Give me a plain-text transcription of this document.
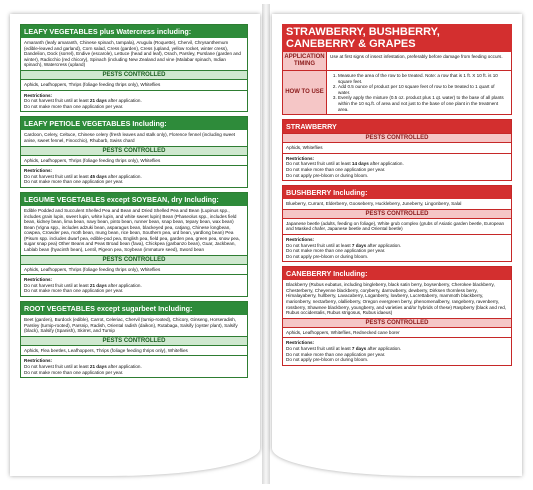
LEAFY VEGETABLES plus Watercress including:
Amaranth (leafy amaranth, Chinese spinach, tampala), Arugula (Roquette), Chervil, Chrysanthemum (edible-leaved and garland), Corn salad, Cress (garden), Cress (upland, yellow rocket, winter cress), Dandelion, Dock (sorrel), Endive (escarole), Lettuce (head and leaf), Orach, Parsley, Purslane (garden and winter), Radicchio (red chicory), Spinach (including New Zealand and vine (Malabar spinach, Indian spinach), Watercress (upland)
PESTS CONTROLLED
Aphids, Leafhoppers, Thrips (foliage feeding thrips only), Whiteflies
Restrictions:
Do not harvest fruit until at least 21 days after application.
Do not make more than one application per year.
LEAFY PETIOLE VEGETABLES Including:
Cardoon, Celery, Celtuce, Chinese celery (fresh leaves and stalk only), Florence fennel (including sweet anise, sweet fennel, Finocchio), Rhubarb, Swiss chard
PESTS CONTROLLED
Aphids, Leafhoppers, Thrips (foliage feeding thrips only), Whiteflies
Restrictions:
Do not harvest fruit until at least 45 days after application.
Do not make more than one application per year.
LEGUME VEGETABLES except SOYBEAN, dry Including:
Edible Podded and Succulent Shelled Pea and Bean and Dried Shelled Pea and Bean (Lupinus spp., includes grain lupin, sweet lupin, white lupin, and white sweet lupin) Bean (Phaseolus spp., includes field bean, kidney bean, lima bean, navy bean, pinto bean, runner bean, snap bean, tepary bean, wax bean) Bean (Vigna spp., includes adzuki bean, asparagus bean, blackeyed pea, catjang, Chinese longbean, cowpea, Crowder pea, moth bean, mung bean, rice bean, Southern pea, urd bean, yardlong bean) Pea (Pisum spp. includes dwarf pea, edible-pod pea, English pea, field pea, garden pea, green pea, snow pea, sugar snap pea) Other Beans and Peas Broad bean (fava), Chickpea (garbanzo bean), Guar, Jackbean, Lablab bean (hyacinth bean), Lentil, Pigeon pea, Soybean (immature seed), Sword bean
PESTS CONTROLLED
Aphids, Leafhoppers, Thrips (foliage feeding thrips only), Whiteflies
Restrictions:
Do not harvest fruit until at least 21 days after application.
Do not make more than one application per year.
ROOT VEGETABLES except sugarbeet Including:
Beet (garden), Burdock (edible), Carrot, Celeriac, Chervil (turnip-rooted), Chicory, Ginseng, Horseradish, Parsley (turnip-rooted), Parsnip, Radish, Oriental radish (daikon), Rutabaga, Salsify (oyster plant), Salsify (black), Salsify (Spanish), Skirret, and Turnip
PESTS CONTROLLED
Aphids, Flea beetles, Leafhoppers, Thrips (foliage feeding thrips only), Whiteflies
Restrictions:
Do not harvest fruit until at least 21 days after application.
Do not make more than one application per year.
STRAWBERRY, BUSHBERRY, CANEBERRY & GRAPES
APPLICATION TIMING
Use at first signs of insect infestation, preferably before damage from feeding occurs.
HOW TO USE
1. Measure the area of the row to be treated. Note: a row that is 1 ft. X 10 ft. is 10 square feet.
2. Add 0.5 ounce of product per 10 square feet of row to be treated to 1 quart of water.
3. Evenly apply the mixture (0.5 oz. product plus 1 qt. water) to the base of all plants within the 10 sq.ft. of area and not just to the base of one plant in the treatment area.
STRAWBERRY
PESTS CONTROLLED
Aphids, Whiteflies
Restrictions:
Do not harvest fruit until at least 14 days after application.
Do not make more than one application per year.
Do not apply pre-bloom or during bloom.
BUSHBERRY Including:
Blueberry, Currant, Elderberry, Gooseberry, Huckleberry, Juneberry, Lingonberry, Salal
PESTS CONTROLLED
Japanese beetle (adults, feeding on foliage), White grub complex (grubs of Asiatic garden beetle, European and Masked chafer, Japanese beetle and Oriental beetle)
Restrictions:
Do not harvest fruit until at least 7 days after application.
Do not make more than one application per year.
Do not apply pre-bloom or during bloom.
CANEBERRY Including:
Blackberry (Rubus eubatus, including bingleberry, black satin berry, boysenberry, Cherokee blackberry, Chesterberry, Cheyenne blackberry, coryberry, darrowberry, dewberry, Dirksen thornless berry, Himalayaberry, hullberry, Lavacaberry, Loganberry, lowberry, Lucrettaberry, mammoth blackberry, marionberry, nectarberry, olallieberry, Oregon evergreen berry, phenomenalberry, rangeberry, ravenberry, rossberry, Shawnee blackberry, youngberry, and varieties and/or hybrids of these) Raspberry (black and red, Rubus occidentalis, Rubus strigosus, Rubus idaeus)
PESTS CONTROLLED
Aphids, Leafhoppers, Whiteflies, Rednecked cane borer
Restrictions:
Do not harvest fruit until at least 7 days after application.
Do not make more than one application per year.
Do not apply pre-bloom or during bloom.
